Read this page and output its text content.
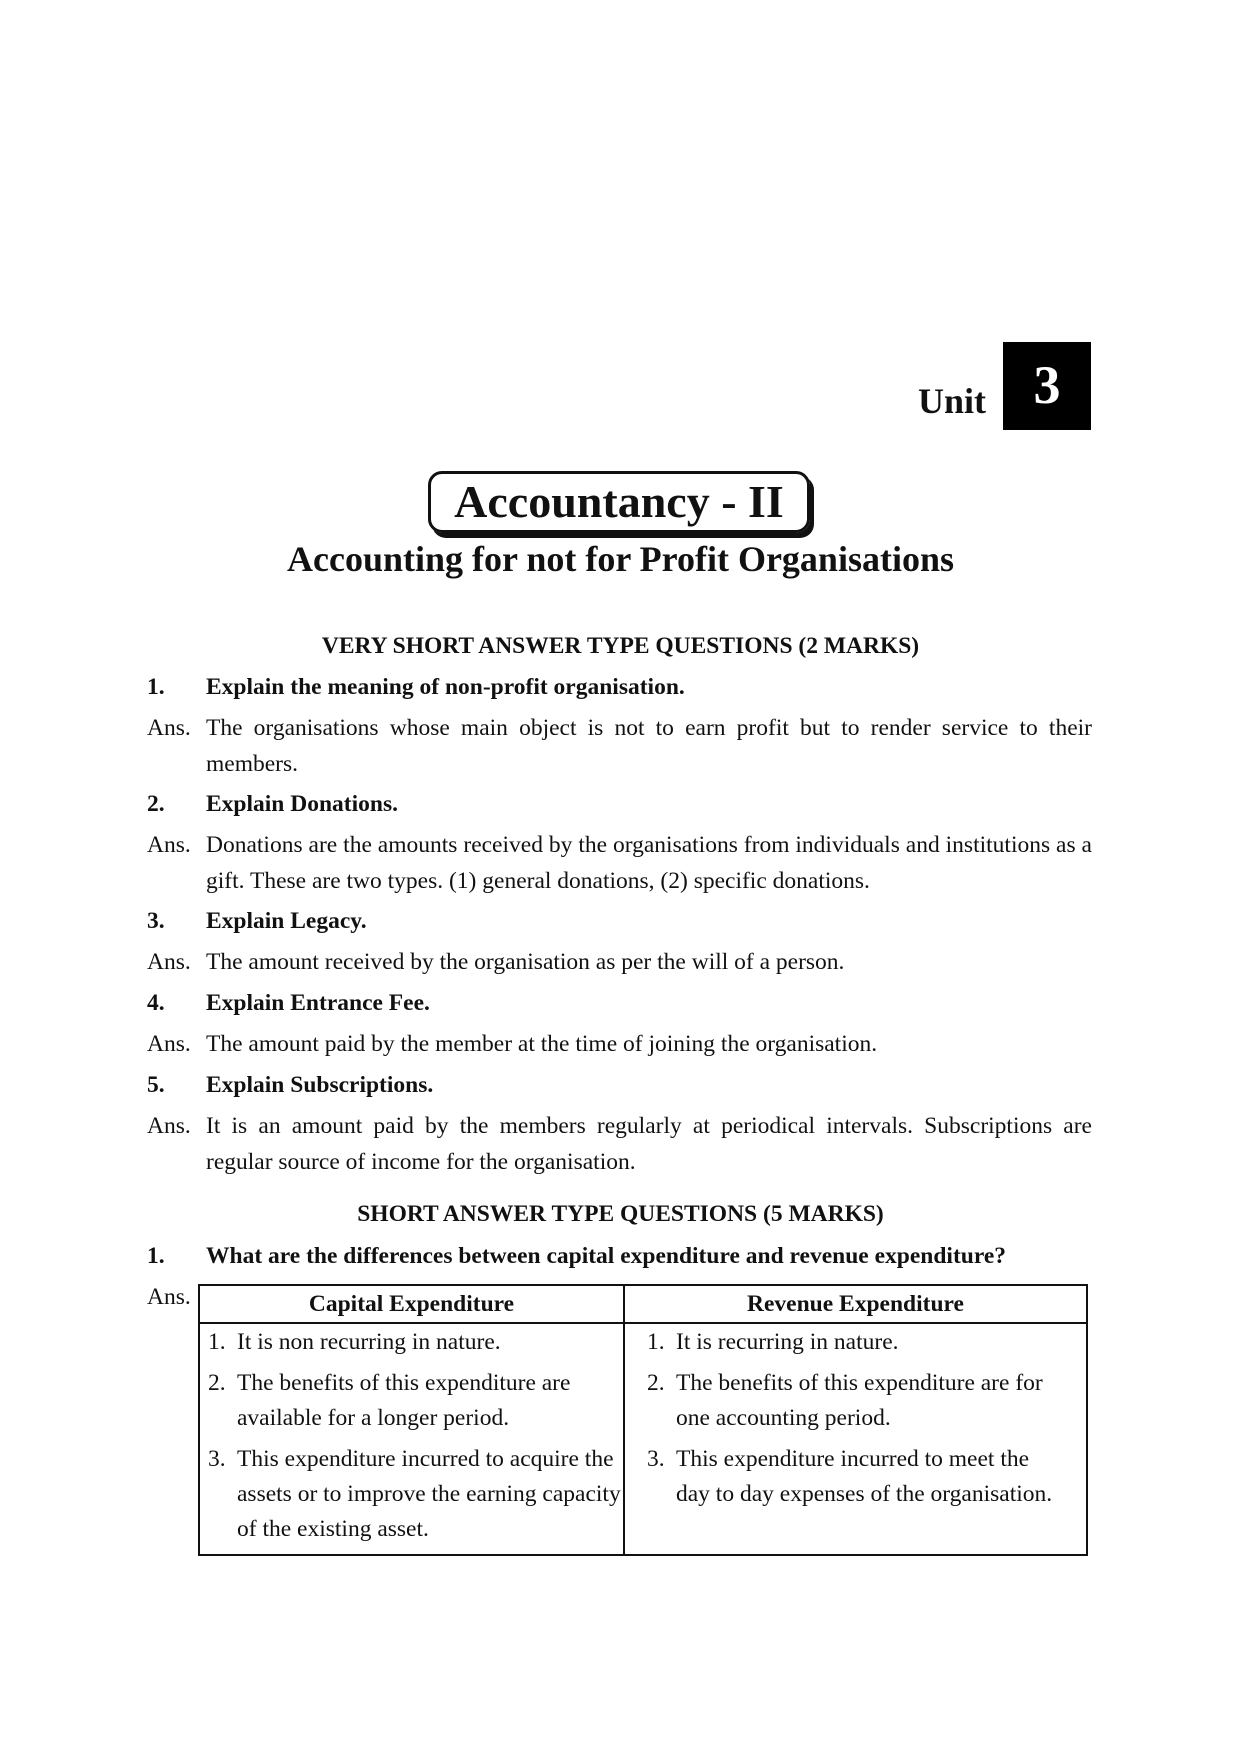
Unit 3
Accountancy - II
Accounting for not for Profit Organisations
VERY SHORT ANSWER TYPE QUESTIONS (2 MARKS)
1. Explain the meaning of non-profit organisation.
Ans. The organisations whose main object is not to earn profit but to render service to their members.
2. Explain Donations.
Ans. Donations are the amounts received by the organisations from individuals and institutions as a gift. These are two types. (1) general donations, (2) specific donations.
3. Explain Legacy.
Ans. The amount received by the organisation as per the will of a person.
4. Explain Entrance Fee.
Ans. The amount paid by the member at the time of joining the organisation.
5. Explain Subscriptions.
Ans. It is an amount paid by the members regularly at periodical intervals. Subscriptions are regular source of income for the organisation.
SHORT ANSWER TYPE QUESTIONS (5 MARKS)
1. What are the differences between capital expenditure and revenue expenditure?
Ans.	Capital Expenditure	Revenue Expenditure
1. It is non recurring in nature.
2. The benefits of this expenditure are available for a longer period.
3. This expenditure incurred to acquire the assets or to improve the earning capacity of the existing asset.
1. It is recurring in nature.
2. The benefits of this expenditure are for one accounting period.
3. This expenditure incurred to meet the day to day expenses of the organisation.
